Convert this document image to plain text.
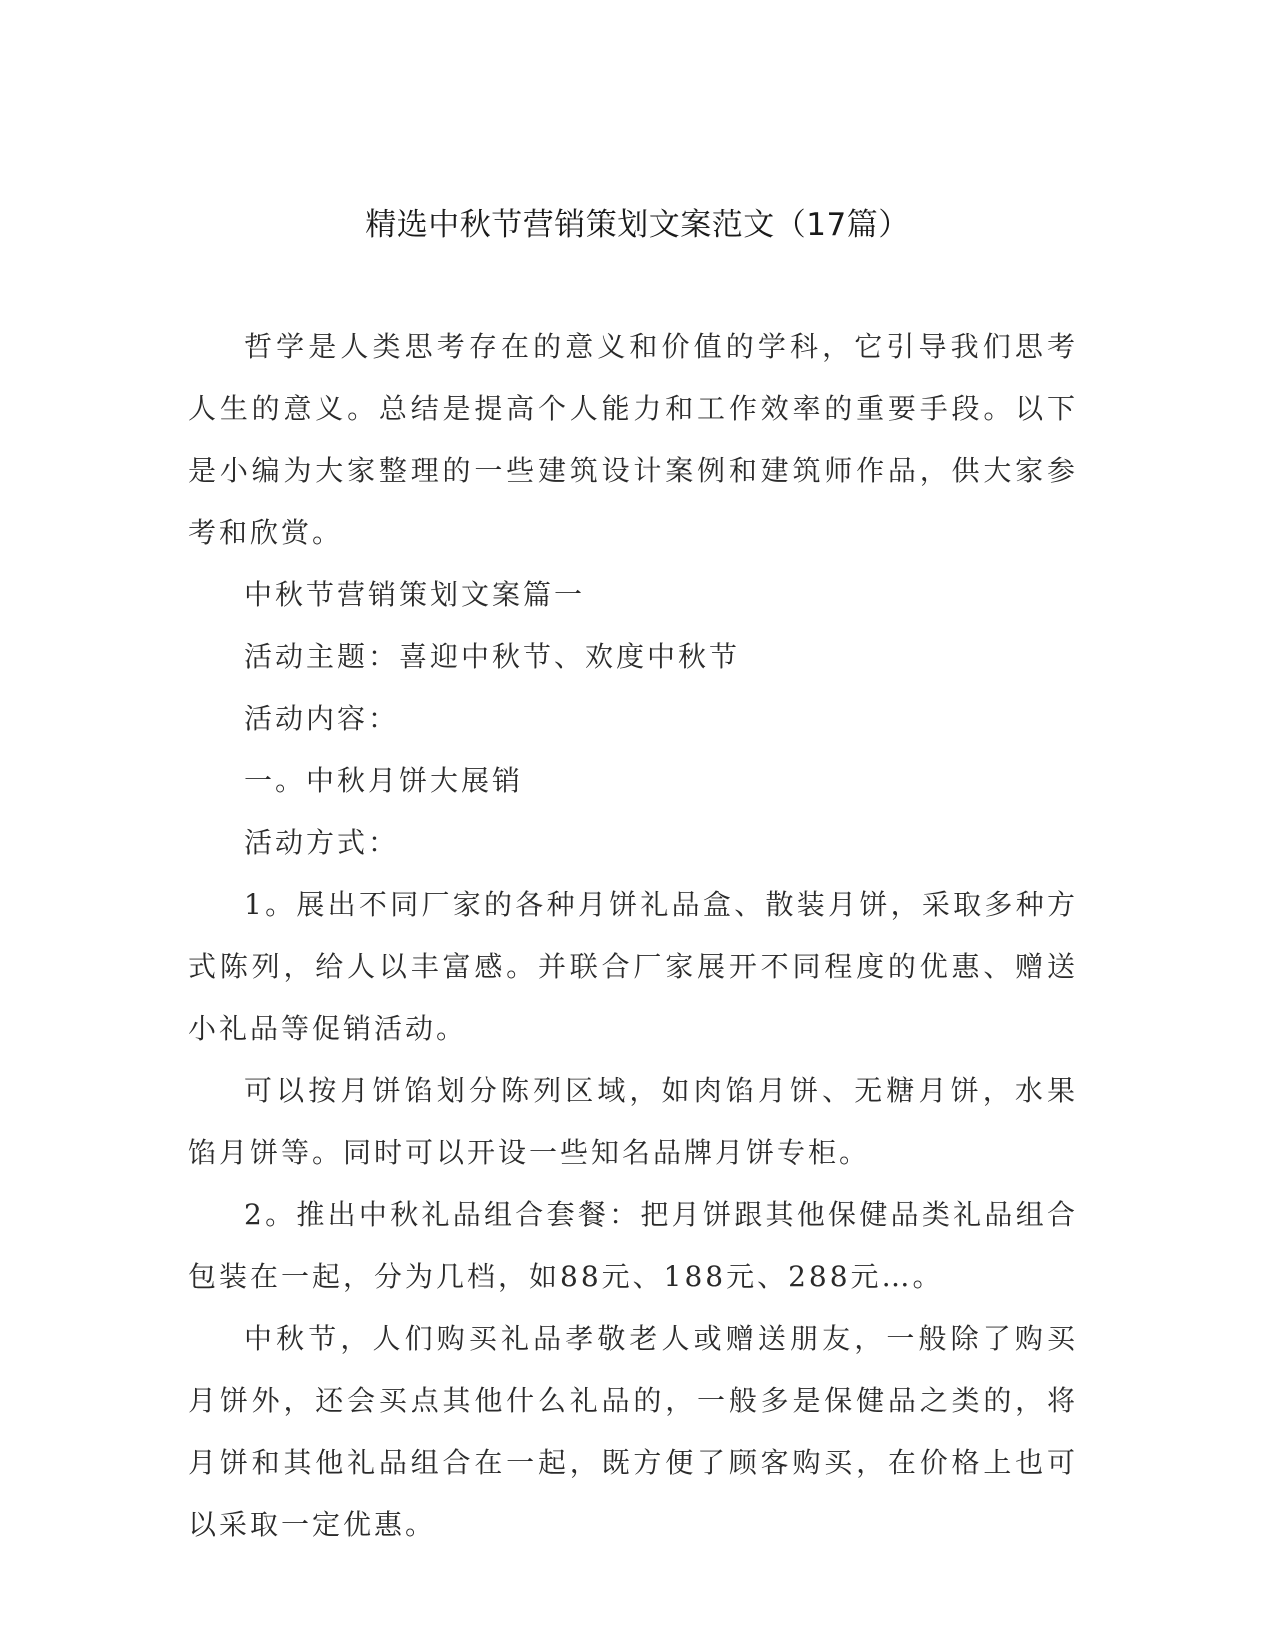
精选中秋节营销策划文案范文（17篇）

哲学是人类思考存在的意义和价值的学科，它引导我们思考人生的意义。总结是提高个人能力和工作效率的重要手段。以下是小编为大家整理的一些建筑设计案例和建筑师作品，供大家参考和欣赏。

中秋节营销策划文案篇一

活动主题：喜迎中秋节、欢度中秋节

活动内容：

一。中秋月饼大展销

活动方式：

1。展出不同厂家的各种月饼礼品盒、散装月饼，采取多种方式陈列，给人以丰富感。并联合厂家展开不同程度的优惠、赠送小礼品等促销活动。

可以按月饼馅划分陈列区域，如肉馅月饼、无糖月饼，水果馅月饼等。同时可以开设一些知名品牌月饼专柜。

2。推出中秋礼品组合套餐：把月饼跟其他保健品类礼品组合包装在一起，分为几档，如88元、188元、288元…。

中秋节，人们购买礼品孝敬老人或赠送朋友，一般除了购买月饼外，还会买点其他什么礼品的，一般多是保健品之类的，将月饼和其他礼品组合在一起，既方便了顾客购买，在价格上也可以采取一定优惠。
